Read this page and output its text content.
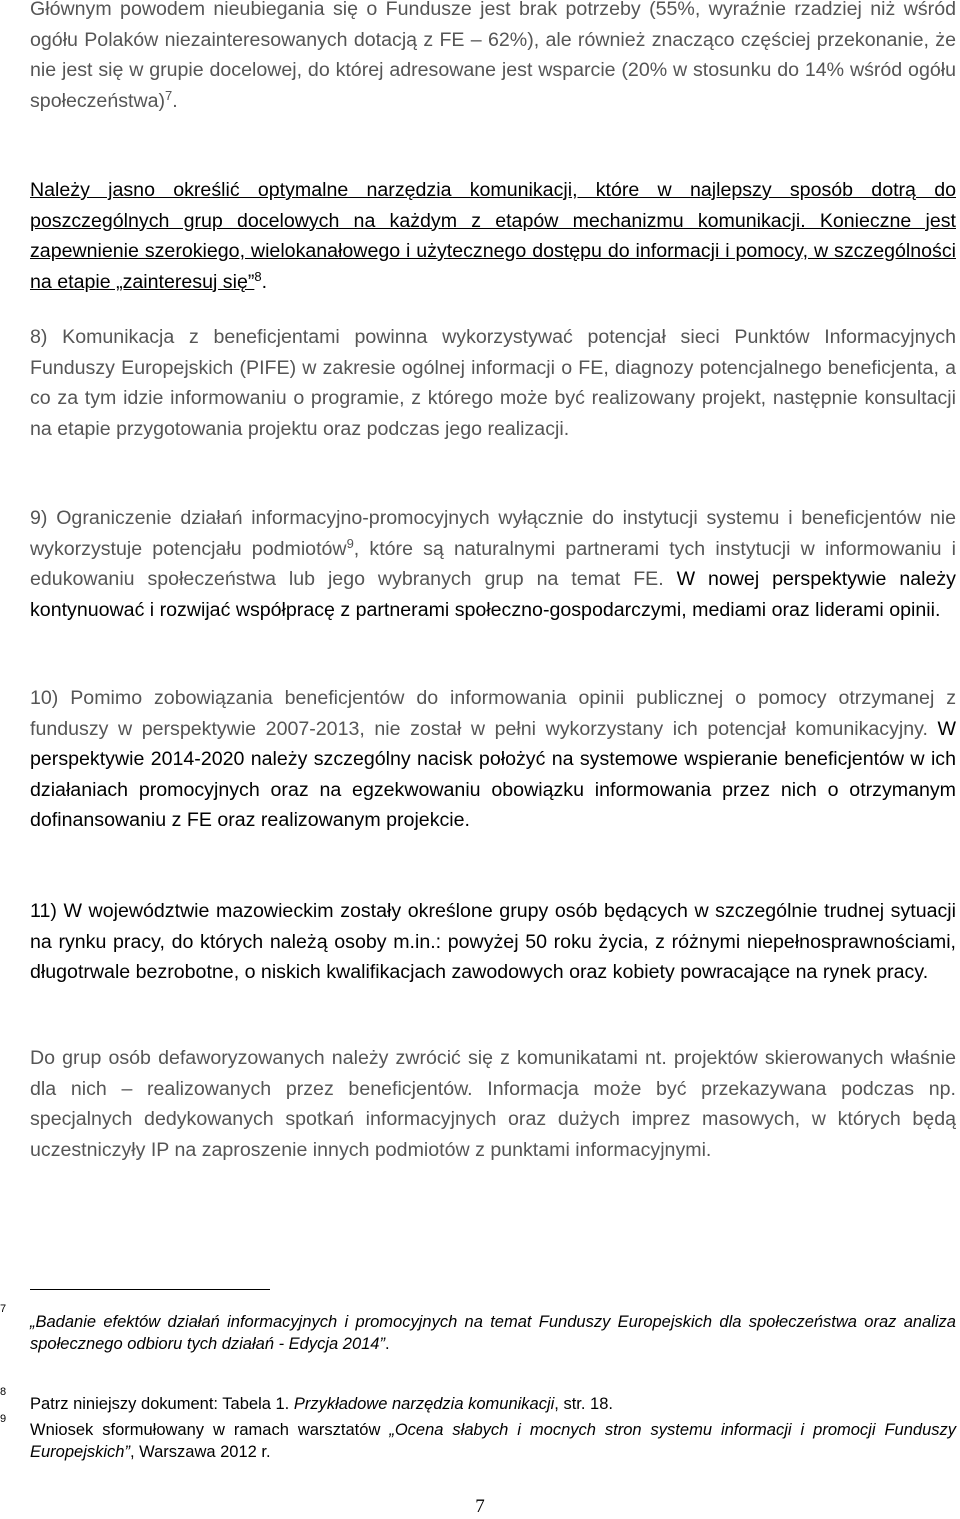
Głównym powodem nieubiegania się o Fundusze jest brak potrzeby (55%, wyraźnie rzadziej niż wśród ogółu Polaków niezainteresowanych dotacją z FE – 62%), ale również znacząco częściej przekonanie, że nie jest się w grupie docelowej, do której adresowane jest wsparcie (20% w stosunku do 14% wśród ogółu społeczeństwa)$^7$.

Należy jasno określić optymalne narzędzia komunikacji, które w najlepszy sposób dotrą do poszczególnych grup docelowych na każdym z etapów mechanizmu komunikacji. Konieczne jest zapewnienie szerokiego, wielokanałowego i użytecznego dostępu do informacji i pomocy, w szczególności na etapie „zainteresuj się”$^8$.

8) Komunikacja z beneficjentami powinna wykorzystywać potencjał sieci Punktów Informacyjnych Funduszy Europejskich (PIFE) w zakresie ogólnej informacji o FE, diagnozy potencjalnego beneficjenta, a co za tym idzie informowaniu o programie, z którego może być realizowany projekt, następnie konsultacji na etapie przygotowania projektu oraz podczas jego realizacji.

9) Ograniczenie działań informacyjno-promocyjnych wyłącznie do instytucji systemu i beneficjentów nie wykorzystuje potencjału podmiotów$^9$, które są naturalnymi partnerami tych instytucji w informowaniu i edukowaniu społeczeństwa lub jego wybranych grup na temat FE. W nowej perspektywie należy kontynuować i rozwijać współpracę z partnerami społeczno-gospodarczymi, mediami oraz liderami opinii.

10) Pomimo zobowiązania beneficjentów do informowania opinii publicznej o pomocy otrzymanej z funduszy w perspektywie 2007-2013, nie został w pełni wykorzystany ich potencjał komunikacyjny. W perspektywie 2014-2020 należy szczególny nacisk położyć na systemowe wspieranie beneficjentów w ich działaniach promocyjnych oraz na egzekwowaniu obowiązku informowania przez nich o otrzymanym dofinansowaniu z FE oraz realizowanym projekcie.

11) W województwie mazowieckim zostały określone grupy osób będących w szczególnie trudnej sytuacji na rynku pracy, do których należą osoby m.in.: powyżej 50 roku życia, z różnymi niepełnosprawnościami, długotrwale bezrobotne, o niskich kwalifikacjach zawodowych oraz kobiety powracające na rynek pracy.

Do grup osób defaworyzowanych należy zwrócić się z komunikatami nt. projektów skierowanych właśnie dla nich – realizowanych przez beneficjentów. Informacja może być przekazywana podczas np. specjalnych dedykowanych spotkań informacyjnych oraz dużych imprez masowych, w których będą uczestniczyły IP na zaproszenie innych podmiotów z punktami informacyjnymi.

7
„Badanie efektów działań informacyjnych i promocyjnych na temat Funduszy Europejskich dla społeczeństwa oraz analiza społecznego odbioru tych działań - Edycja 2014”.
8
Patrz niniejszy dokument: Tabela 1. Przykładowe narzędzia komunikacji, str. 18.
9
Wniosek sformułowany w ramach warsztatów „Ocena słabych i mocnych stron systemu informacji i promocji Funduszy Europejskich”, Warszawa 2012 r.
7
